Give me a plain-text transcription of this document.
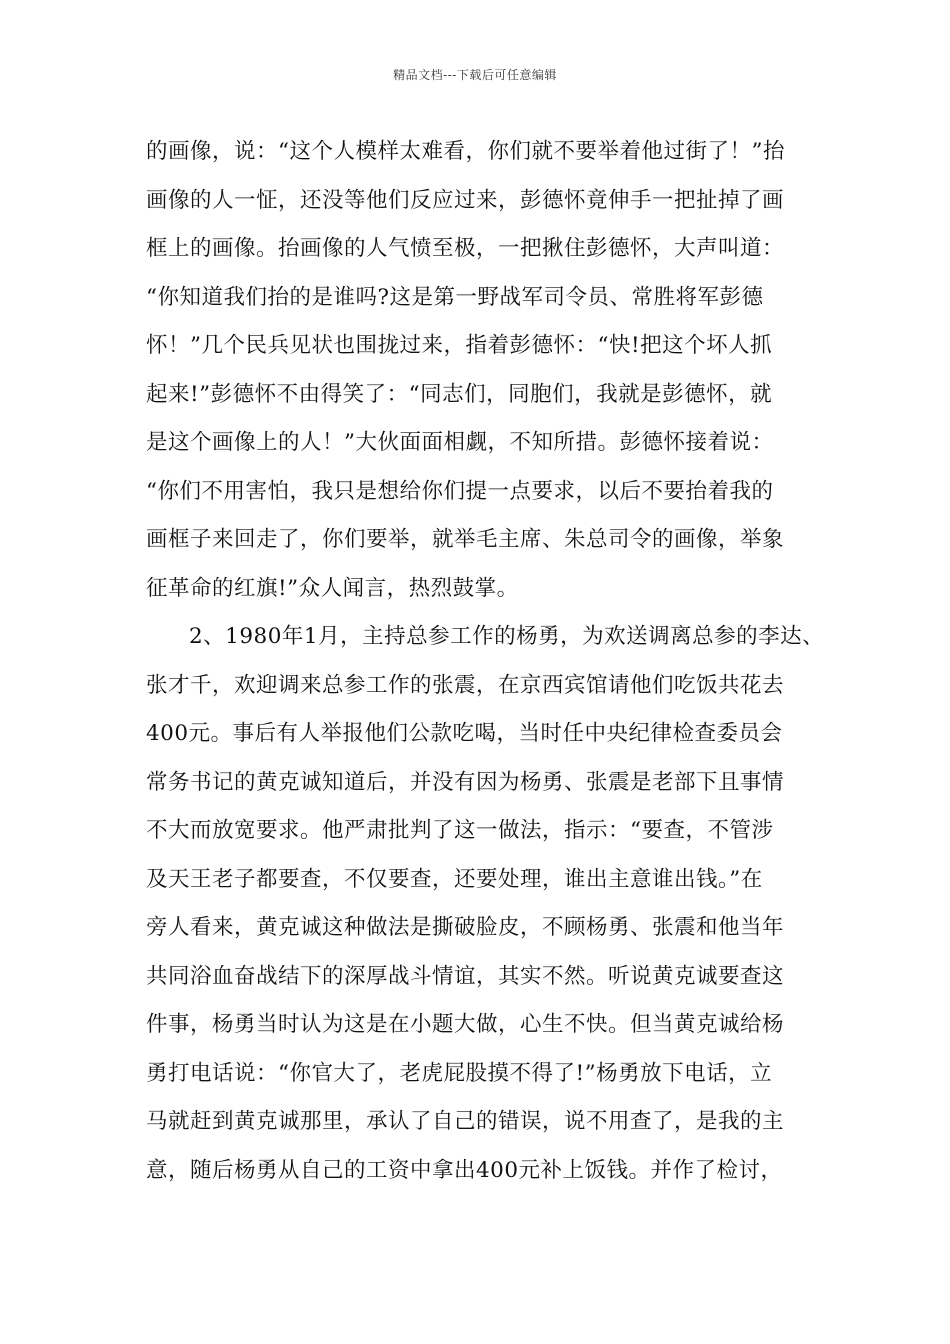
精品文档---下载后可任意编辑
的画像，说：“这个人模样太难看，你们就不要举着他过街了！”抬
画像的人一怔，还没等他们反应过来，彭德怀竟伸手一把扯掉了画
框上的画像。抬画像的人气愤至极，一把揪住彭德怀，大声叫道：
“你知道我们抬的是谁吗?这是第一野战军司令员、常胜将军彭德
怀！”几个民兵见状也围拢过来，指着彭德怀：“快!把这个坏人抓
起来!”彭德怀不由得笑了：“同志们，同胞们，我就是彭德怀，就
是这个画像上的人！”大伙面面相觑，不知所措。彭德怀接着说：
“你们不用害怕，我只是想给你们提一点要求，以后不要抬着我的
画框子来回走了，你们要举，就举毛主席、朱总司令的画像，举象
征革命的红旗!”众人闻言，热烈鼓掌。
2、1980年1月，主持总参工作的杨勇，为欢送调离总参的李达、
张才千，欢迎调来总参工作的张震，在京西宾馆请他们吃饭共花去
400元。事后有人举报他们公款吃喝，当时任中央纪律检查委员会
常务书记的黄克诚知道后，并没有因为杨勇、张震是老部下且事情
不大而放宽要求。他严肃批判了这一做法，指示：“要查，不管涉
及天王老子都要查，不仅要查，还要处理，谁出主意谁出钱。”在
旁人看来，黄克诚这种做法是撕破脸皮，不顾杨勇、张震和他当年
共同浴血奋战结下的深厚战斗情谊，其实不然。听说黄克诚要查这
件事，杨勇当时认为这是在小题大做，心生不快。但当黄克诚给杨
勇打电话说：“你官大了，老虎屁股摸不得了!”杨勇放下电话，立
马就赶到黄克诚那里，承认了自己的错误，说不用查了，是我的主
意，随后杨勇从自己的工资中拿出400元补上饭钱。并作了检讨，
